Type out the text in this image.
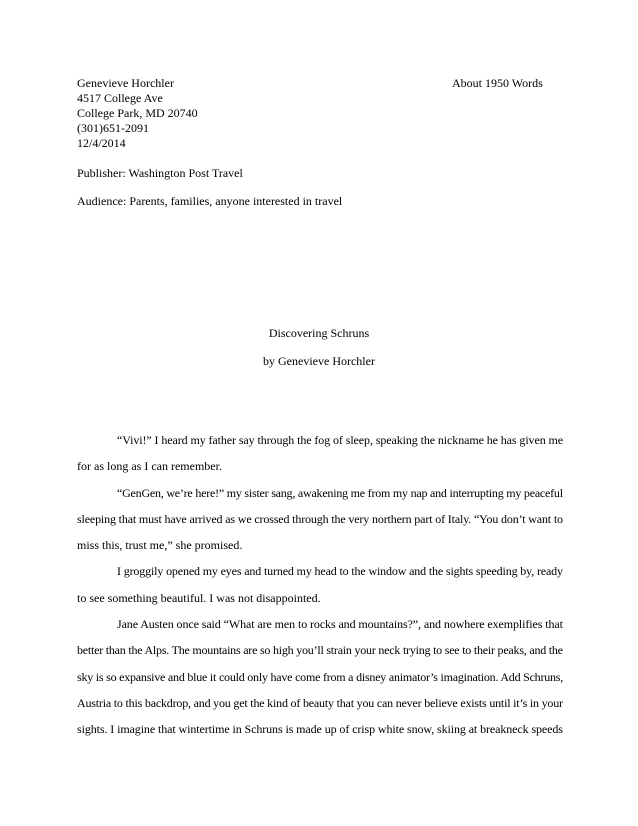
Genevieve Horchler
4517 College Ave
College Park, MD 20740
(301)651-2091
12/4/2014
About 1950 Words
Publisher: Washington Post Travel
Audience: Parents, families, anyone interested in travel
Discovering Schruns
by Genevieve Horchler
“Vivi!” I heard my father say through the fog of sleep, speaking the nickname he has given me
for as long as I can remember.
“GenGen, we’re here!” my sister sang, awakening me from my nap and interrupting my peaceful
sleeping that must have arrived as we crossed through the very northern part of Italy. “You don’t want to
miss this, trust me,” she promised.
I groggily opened my eyes and turned my head to the window and the sights speeding by, ready
to see something beautiful. I was not disappointed.
Jane Austen once said “What are men to rocks and mountains?”, and nowhere exemplifies that
better than the Alps. The mountains are so high you’ll strain your neck trying to see to their peaks, and the
sky is so expansive and blue it could only have come from a disney animator’s imagination. Add Schruns,
Austria to this backdrop, and you get the kind of beauty that you can never believe exists until it’s in your
sights. I imagine that wintertime in Schruns is made up of crisp white snow, skiing at breakneck speeds
